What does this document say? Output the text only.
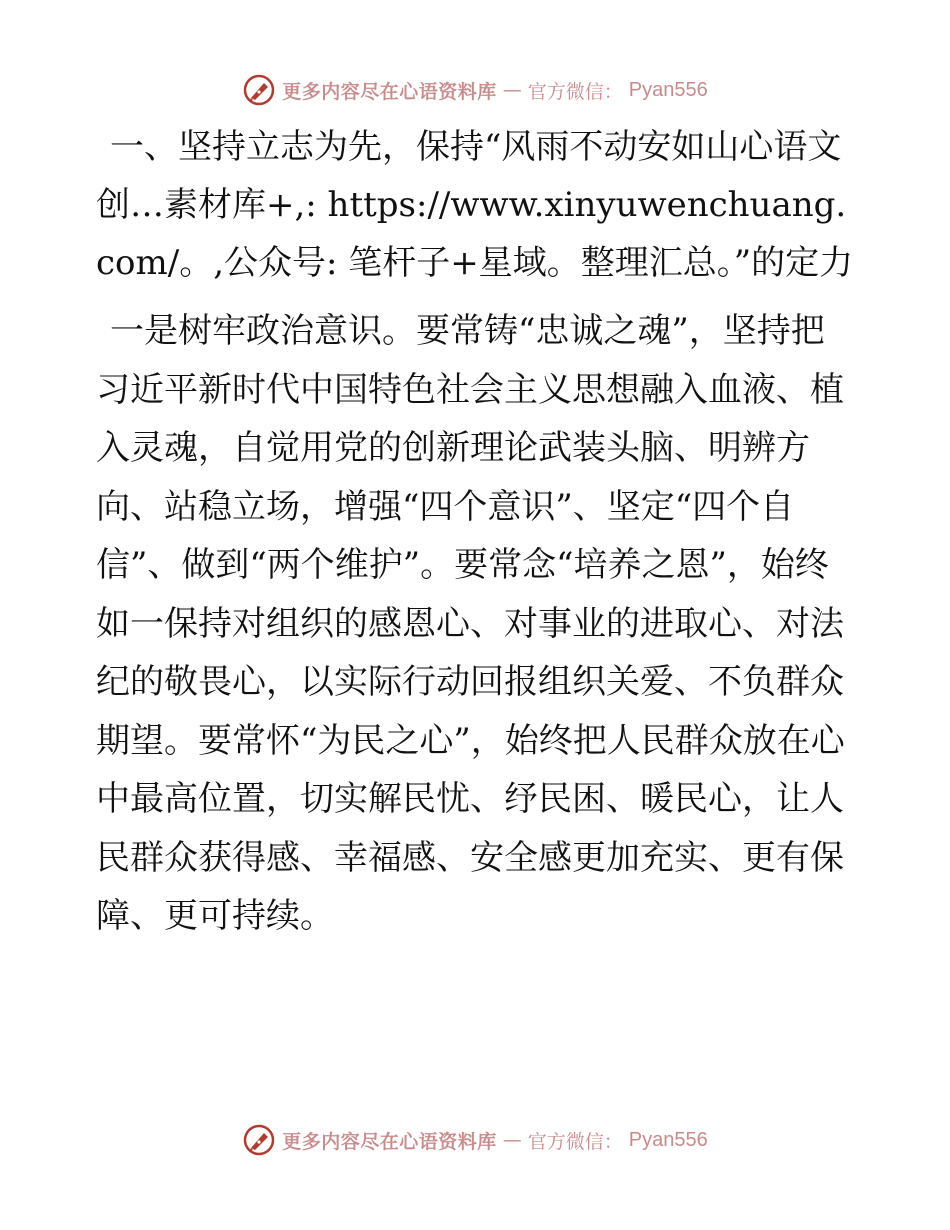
更多内容尽在心语资料库 — 官方微信： Pyan556

一、坚持立志为先，保持“风雨不动安如山心语文创…素材库+,: https://www.xinyuwenchuang.com/。,公众号: 笔杆子+星域。整理汇总。”的定力

一是树牢政治意识。要常铸“忠诚之魂”，坚持把习近平新时代中国特色社会主义思想融入血液、植入灵魂，自觉用党的创新理论武装头脑、明辨方向、站稳立场，增强“四个意识”、坚定“四个自信”、做到“两个维护”。要常念“培养之恩”，始终如一保持对组织的感恩心、对事业的进取心、对法纪的敬畏心，以实际行动回报组织关爱、不负群众期望。要常怀“为民之心”，始终把人民群众放在心中最高位置，切实解民忧、纾民困、暖民心，让人民群众获得感、幸福感、安全感更加充实、更有保障、更可持续。

更多内容尽在心语资料库 — 官方微信： Pyan556
